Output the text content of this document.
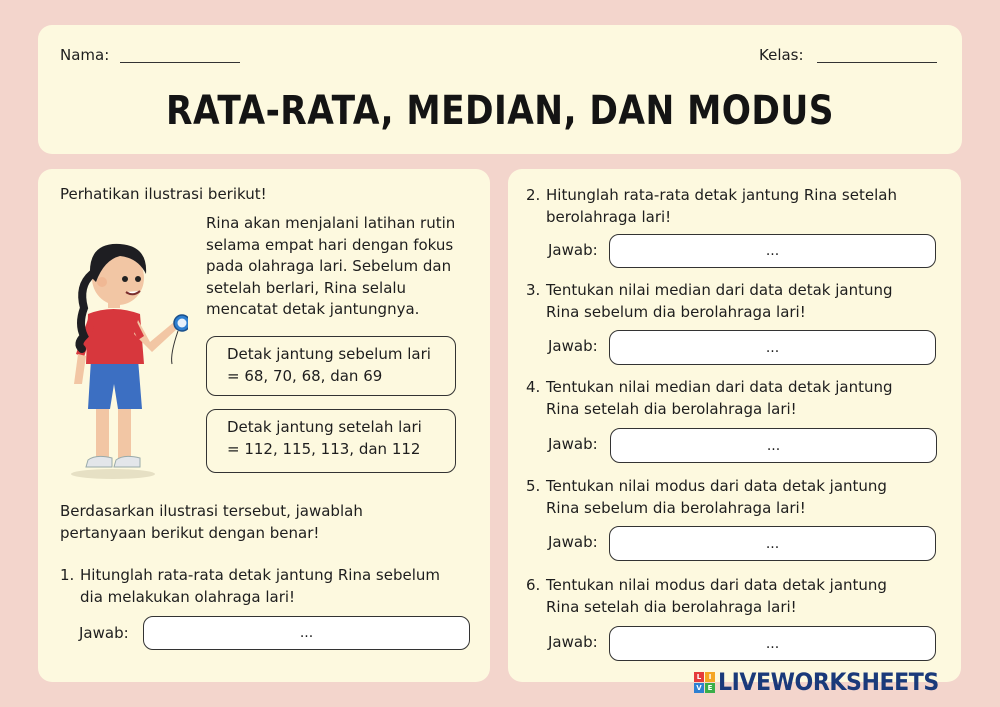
Nama:	Kelas:
RATA-RATA, MEDIAN, DAN MODUS
Perhatikan ilustrasi berikut!
Rina akan menjalani latihan rutin
selama empat hari dengan fokus
pada olahraga lari. Sebelum dan
setelah berlari, Rina selalu
mencatat detak jantungnya.
Detak jantung sebelum lari
= 68, 70, 68, dan 69
Detak jantung setelah lari
= 112, 115, 113, dan 112
Berdasarkan ilustrasi tersebut, jawablah
pertanyaan berikut dengan benar!
1. Hitunglah rata-rata detak jantung Rina sebelum
dia melakukan olahraga lari!
Jawab:	...
2. Hitunglah rata-rata detak jantung Rina setelah
berolahraga lari!
Jawab:	...
3. Tentukan nilai median dari data detak jantung
Rina sebelum dia berolahraga lari!
Jawab:	...
4. Tentukan nilai median dari data detak jantung
Rina setelah dia berolahraga lari!
Jawab:	...
5. Tentukan nilai modus dari data detak jantung
Rina sebelum dia berolahraga lari!
Jawab:	...
6. Tentukan nilai modus dari data detak jantung
Rina setelah dia berolahraga lari!
Jawab:	...
L	I
V E LIVEWORKSHEETS
